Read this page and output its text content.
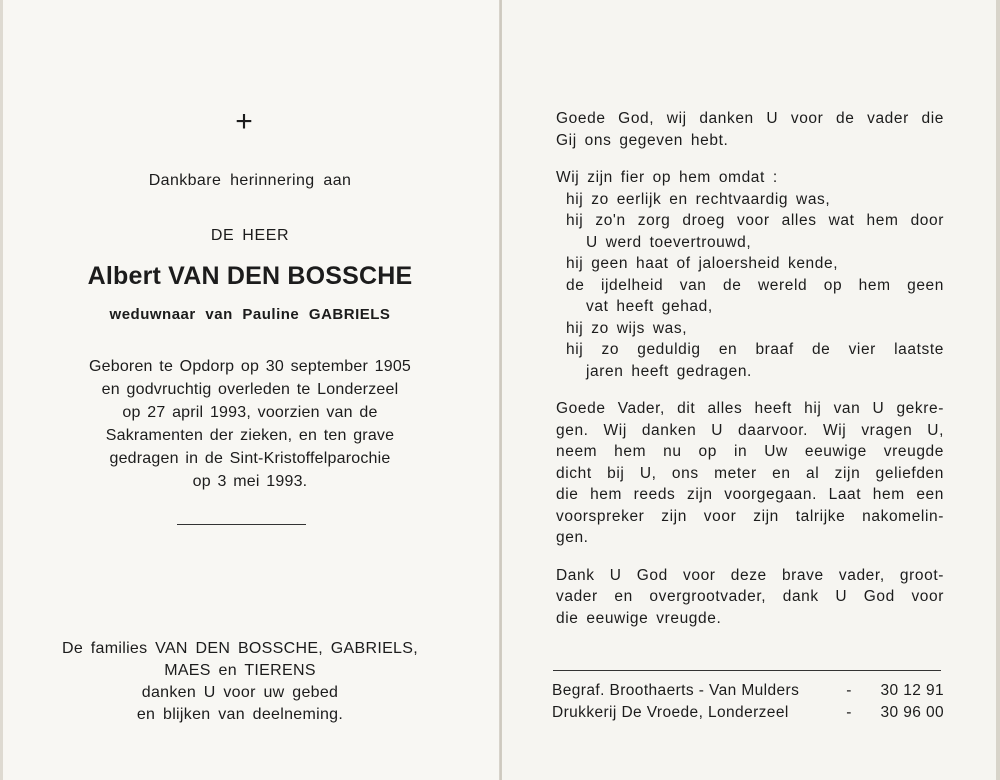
+
Dankbare herinnering aan
DE HEER
Albert VAN DEN BOSSCHE
weduwnaar van Pauline GABRIELS
Geboren te Opdorp op 30 september 1905
en godvruchtig overleden te Londerzeel
op 27 april 1993, voorzien van de
Sakramenten der zieken, en ten grave
gedragen in de Sint-Kristoffelparochie
op 3 mei 1993.
De families VAN DEN BOSSCHE, GABRIELS,
MAES en TIERENS
danken U voor uw gebed
en blijken van deelneming.
Goede God, wij danken U voor de vader die
Gij ons gegeven hebt.
Wij zijn fier op hem omdat :
hij zo eerlijk en rechtvaardig was,
hij zo'n zorg droeg voor alles wat hem door
U werd toevertrouwd,
hij geen haat of jaloersheid kende,
de ijdelheid van de wereld op hem geen
vat heeft gehad,
hij zo wijs was,
hij zo geduldig en braaf de vier laatste
jaren heeft gedragen.
Goede Vader, dit alles heeft hij van U gekre-
gen. Wij danken U daarvoor. Wij vragen U,
neem hem nu op in Uw eeuwige vreugde
dicht bij U, ons meter en al zijn geliefden
die hem reeds zijn voorgegaan. Laat hem een
voorspreker zijn voor zijn talrijke nakomelin-
gen.
Dank U God voor deze brave vader, groot-
vader en overgrootvader, dank U God voor
die eeuwige vreugde.
Begraf. Broothaerts - Van Mulders	- 30 12 91
Drukkerij De Vroede, Londerzeel	- 30 96 00
